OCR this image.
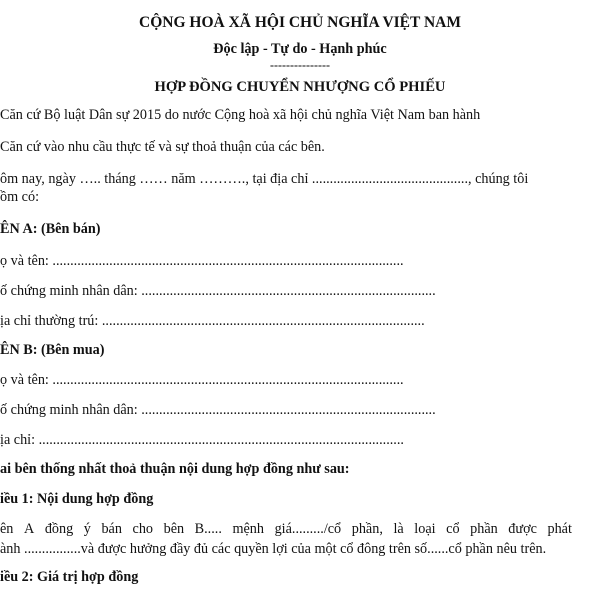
CỘNG HOÀ XÃ HỘI CHỦ NGHĨA VIỆT NAM
Độc lập - Tự do - Hạnh phúc
---------------
HỢP ĐỒNG CHUYỂN NHƯỢNG CỔ PHIẾU
Căn cứ Bộ luật Dân sự 2015 do nước Cộng hoà xã hội chủ nghĩa Việt Nam ban hành
Căn cứ vào nhu cầu thực tế và sự thoả thuận của các bên.
ôm nay, ngày ….. tháng …… năm ………., tại địa chỉ ............................................, chúng tôi
ồm có:
ÊN A: (Bên bán)
ọ và tên: ...................................................................................................
ố chứng minh nhân dân: ...................................................................................
ịa chỉ thường trú: ...........................................................................................
ÊN B: (Bên mua)
ọ và tên: ...................................................................................................
ố chứng minh nhân dân: ...................................................................................
ịa chỉ: .......................................................................................................
ai bên thống nhất thoả thuận nội dung hợp đồng như sau:
iều 1: Nội dung hợp đồng
ên A đồng ý bán cho bên B..... mệnh giá........./cổ phần, là loại cổ phần được phát
ành ................và được hưởng đầy đủ các quyền lợi của một cổ đông trên số......cổ phần nêu trên.
iều 2: Giá trị hợp đồng
